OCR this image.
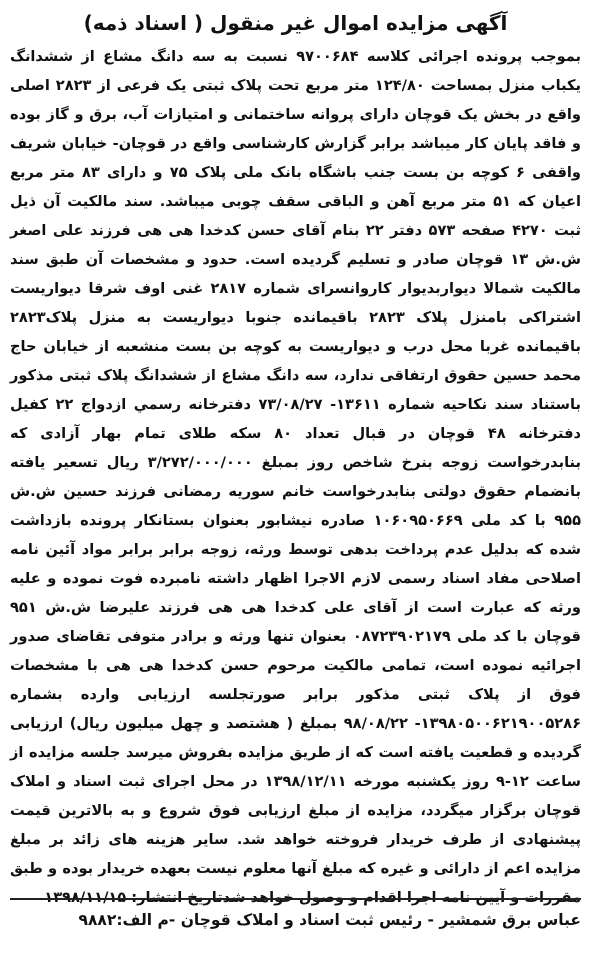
آگهی مزایده اموال غیر منقول ( اسناد ذمه)

بموجب پرونده اجرائی کلاسه ۹۷۰۰۶۸۴ نسبت به سه دانگ مشاع از ششدانگ یکباب منزل بمساحت ۱۲۴/۸۰ متر مربع تحت پلاک ثبتی یک فرعی از ۲۸۲۳ اصلی واقع در بخش یک قوچان دارای پروانه ساختمانی و امتیازات آب، برق و گاز بوده و فاقد پایان کار میباشد برابر گزارش کارشناسی واقع در قوچان- خیابان شریف واقفی ۶ کوچه بن بست جنب باشگاه بانک ملی پلاک ۷۵ و دارای ۸۳ متر مربع اعیان که ۵۱ متر مربع آهن و الباقی سقف چوبی میباشد. سند مالکیت آن ذیل ثبت ۴۲۷۰ صفحه ۵۷۳ دفتر ۲۲ بنام آقای حسن کدخدا هی هی فرزند علی اصغر ش.ش ۱۳ قوچان صادر و تسلیم گردیده است. حدود و مشخصات آن طبق سند مالکیت شمالا دیواربدیوار کاروانسرای شماره ۲۸۱۷ غنی اوف شرقا دیواریست اشتراکی بامنزل پلاک ۲۸۲۳ باقیمانده جنوبا دیواریست به منزل پلاک۲۸۲۳ باقیمانده غربا محل درب و دیواریست به کوچه بن بست منشعبه از خیابان حاج محمد حسین حقوق ارتفاقی ندارد، سه دانگ مشاع از ششدانگ پلاک ثبتی مذکور باستناد سند نکاحیه شماره ۱۳۶۱۱- ۷۳/۰۸/۲۷ دفترخانه رسمي ازدواج ۲۲ کفیل دفترخانه ۴۸ قوچان در قبال تعداد ۸۰ سکه طلای تمام بهار آزادی که بنابدرخواست زوجه بنرخ شاخص روز بمبلغ ۳/۲۷۲/۰۰۰/۰۰۰ ریال تسعیر یافته بانضمام حقوق دولتی بنابدرخواست خانم سوریه رمضانی فرزند حسین ش.ش ۹۵۵ با کد ملی ۱۰۶۰۹۵۰۶۶۹ صادره نیشابور بعنوان بستانکار پرونده بازداشت شده که بدلیل عدم پرداخت بدهی توسط ورثه، زوجه برابر برابر مواد آئین نامه اصلاحی مفاد اسناد رسمی لازم الاجرا اظهار داشته نامبرده فوت نموده و علیه ورثه که عبارت است از آقای علی کدخدا هی هی فرزند علیرضا ش.ش ۹۵۱ قوچان با کد ملی ۰۸۷۲۳۹۰۲۱۷۹ بعنوان تنها ورثه و برادر متوفی تقاضای صدور اجرائیه نموده است، تمامی مالکیت مرحوم حسن کدخدا هی هی با مشخصات فوق از پلاک ثبتی مذکور برابر صورتجلسه ارزیابی وارده بشماره ۱۳۹۸۰۵۰۰۶۲۱۹۰۰۵۲۸۶- ۹۸/۰۸/۲۲ بمبلغ ( هشتصد و چهل میلیون ریال) ارزیابی گردیده و قطعیت یافته است که از طریق مزایده بفروش میرسد جلسه مزایده از ساعت ۱۲-۹ روز یکشنبه مورخه ۱۳۹۸/۱۲/۱۱ در محل اجرای ثبت اسناد و املاک قوچان برگزار میگردد، مزایده از مبلغ ارزیابی فوق شروع و به بالاترین قیمت پیشنهادی از طرف خریدار فروخته خواهد شد. سایر هزینه های زائد بر مبلغ مزایده اعم از دارائی و غیره که مبلغ آنها معلوم نیست بعهده خریدار بوده و طبق مقررات و آیین نامه اجرا اقدام و وصول خواهد شدتاریخ انتشار: ۱۳۹۸/۱۱/۱۵

عباس برق شمشیر - رئیس ثبت اسناد و املاک قوچان -م الف:۹۸۸۲
